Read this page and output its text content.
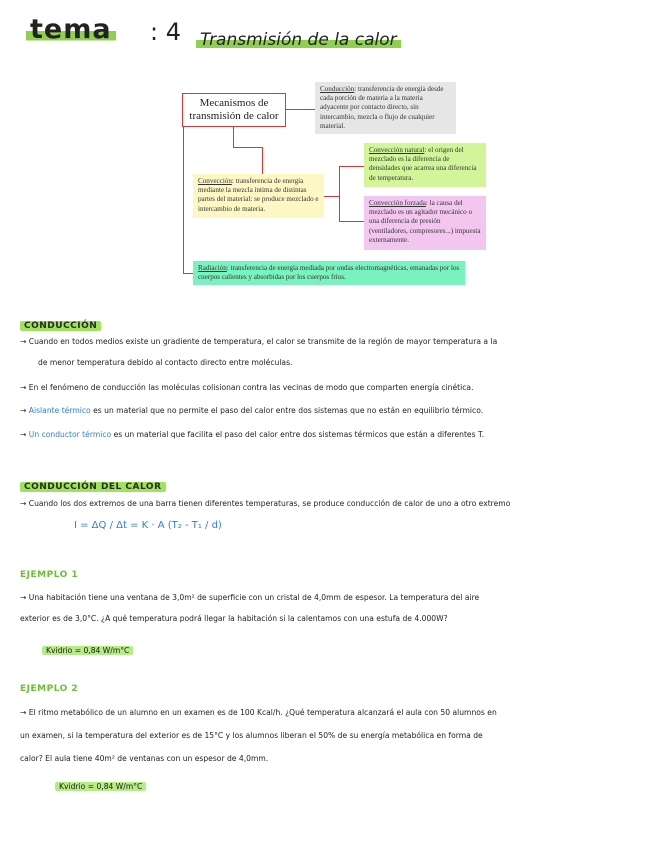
tema : 4 Transmisión de la calor
Mecanismos de transmisión de calor
Conducción: transferencia de energía desde cada porción de materia a la materia adyacente por contacto directo, sin intercambio, mezcla o flujo de cualquier material.
Convección: transferencia de energía mediante la mezcla íntima de distintas partes del material: se produce mezclado e intercambio de materia.
Convección natural: el origen del mezclado es la diferencia de densidades que acarrea una diferencia de temperatura.
Convección forzada: la causa del mezclado es un agitador mecánico o una diferencia de presión (ventiladores, compresores...) impuesta externamente.
Radiación: transferencia de energía mediada por ondas electromagnéticas, emanadas por los cuerpos calientes y absorbidas por los cuerpos fríos.
CONDUCCIÓN
→ Cuando en todos medios existe un gradiente de temperatura, el calor se transmite de la región de mayor temperatura a la
de menor temperatura debido al contacto directo entre moléculas.
→ En el fenómeno de conducción las moléculas colisionan contra las vecinas de modo que comparten energía cinética.
→ Aislante térmico es un material que no permite el paso del calor entre dos sistemas que no están en equilibrio térmico.
→ Un conductor térmico es un material que facilita el paso del calor entre dos sistemas térmicos que están a diferentes T.
CONDUCCIÓN DEL CALOR
→ Cuando los dos extremos de una barra tienen diferentes temperaturas, se produce conducción de calor de uno a otro extremo
I = ΔQ / Δt = K · A (T₂ - T₁ / d)
EJEMPLO 1
→ Una habitación tiene una ventana de 3,0m² de superficie con un cristal de 4,0mm de espesor. La temperatura del aire
exterior es de 3,0°C. ¿A qué temperatura podrá llegar la habitación si la calentamos con una estufa de 4.000W?
Kvidrio = 0,84 W/m°C
EJEMPLO 2
→ El ritmo metabólico de un alumno en un examen es de 100 Kcal/h. ¿Qué temperatura alcanzará el aula con 50 alumnos en
un examen, si la temperatura del exterior es de 15°C y los alumnos liberan el 50% de su energía metabólica en forma de
calor? El aula tiene 40m² de ventanas con un espesor de 4,0mm.
Kvidrio = 0,84 W/m°C
